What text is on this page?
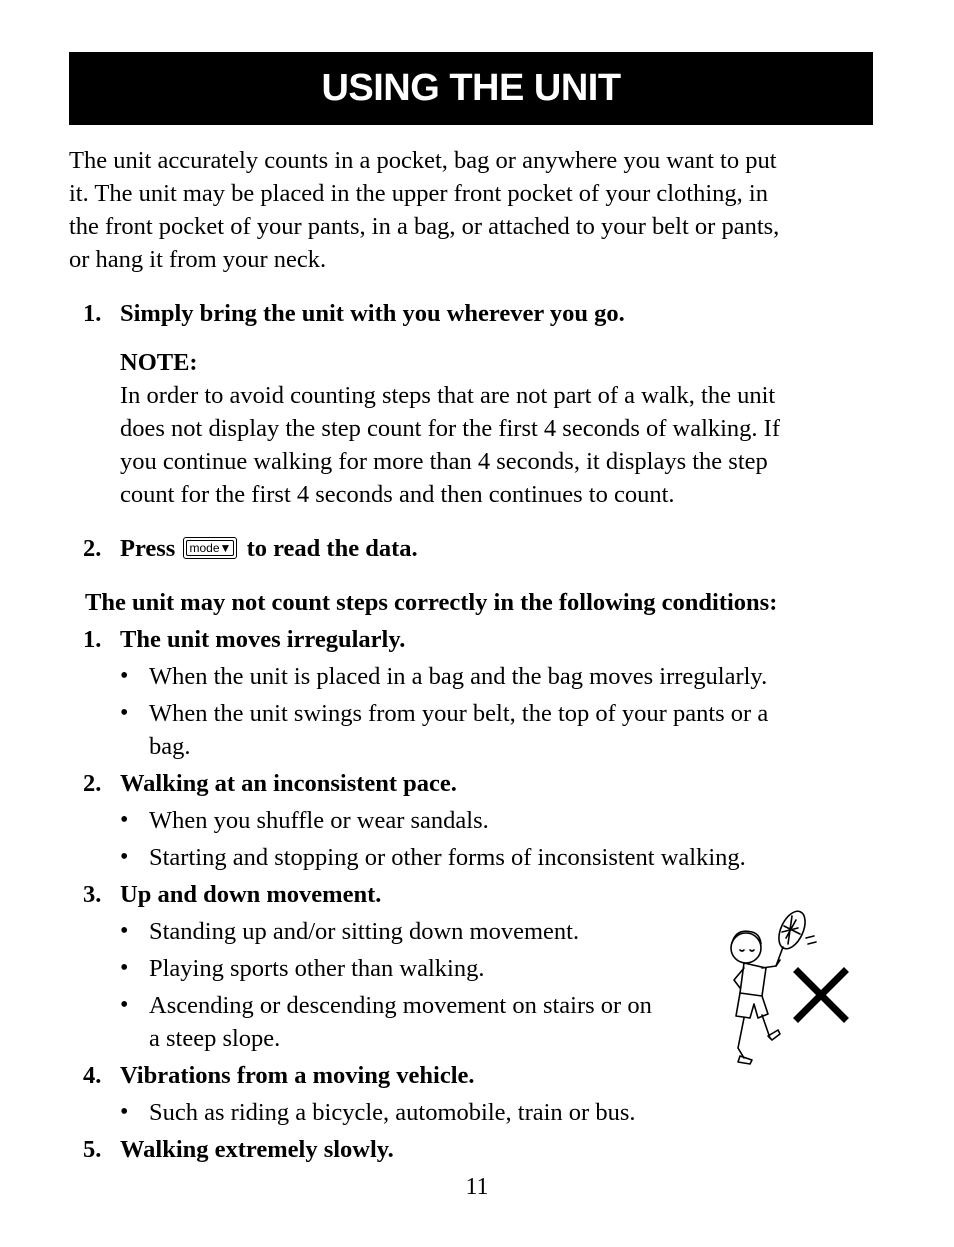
USING THE UNIT
The unit accurately counts in a pocket, bag or anywhere you want to put
it. The unit may be placed in the upper front pocket of your clothing, in
the front pocket of your pants, in a bag, or attached to your belt or pants,
or hang it from your neck.
1. Simply bring the unit with you wherever you go.
NOTE:
In order to avoid counting steps that are not part of a walk, the unit
does not display the step count for the first 4 seconds of walking. If
you continue walking for more than 4 seconds, it displays the step
count for the first 4 seconds and then continues to count.
2. Press mode▼ to read the data.
The unit may not count steps correctly in the following conditions:
1. The unit moves irregularly.
• When the unit is placed in a bag and the bag moves irregularly.
• When the unit swings from your belt, the top of your pants or a
bag.
2. Walking at an inconsistent pace.
• When you shuffle or wear sandals.
• Starting and stopping or other forms of inconsistent walking.
3. Up and down movement.
• Standing up and/or sitting down movement.
• Playing sports other than walking.
• Ascending or descending movement on stairs or on
a steep slope.
4. Vibrations from a moving vehicle.
• Such as riding a bicycle, automobile, train or bus.
5. Walking extremely slowly.
11
